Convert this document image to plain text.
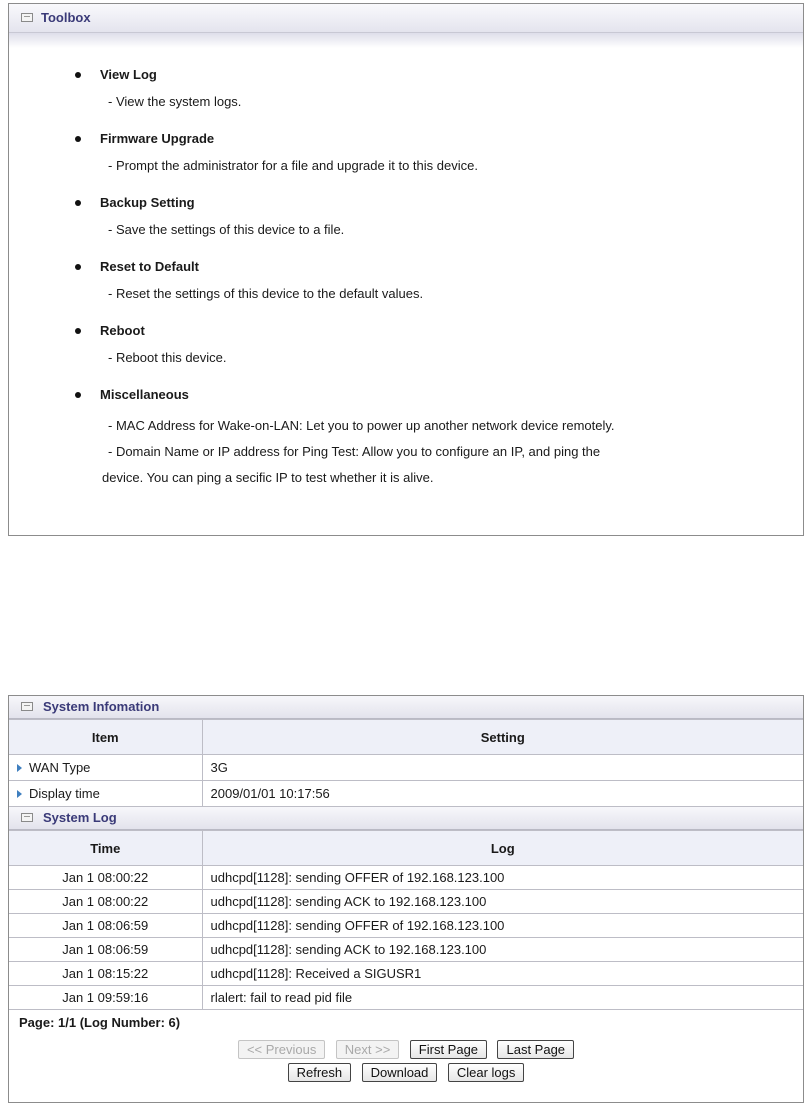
Toolbox
View Log
- View the system logs.
Firmware Upgrade
- Prompt the administrator for a file and upgrade it to this device.
Backup Setting
- Save the settings of this device to a file.
Reset to Default
- Reset the settings of this device to the default values.
Reboot
- Reboot this device.
Miscellaneous
- MAC Address for Wake-on-LAN: Let you to power up another network device remotely.
- Domain Name or IP address for Ping Test: Allow you to configure an IP, and ping the
device. You can ping a secific IP to test whether it is alive.
System Infomation
Item	Setting
WAN Type	3G
Display time	2009/01/01 10:17:56
System Log
Time	Log
Jan 1 08:00:22	udhcpd[1128]: sending OFFER of 192.168.123.100
Jan 1 08:00:22	udhcpd[1128]: sending ACK to 192.168.123.100
Jan 1 08:06:59	udhcpd[1128]: sending OFFER of 192.168.123.100
Jan 1 08:06:59	udhcpd[1128]: sending ACK to 192.168.123.100
Jan 1 08:15:22	udhcpd[1128]: Received a SIGUSR1
Jan 1 09:59:16	rlalert: fail to read pid file
Page: 1/1 (Log Number: 6)
<< Previous Next >> First Page Last Page
Refresh Download Clear logs
